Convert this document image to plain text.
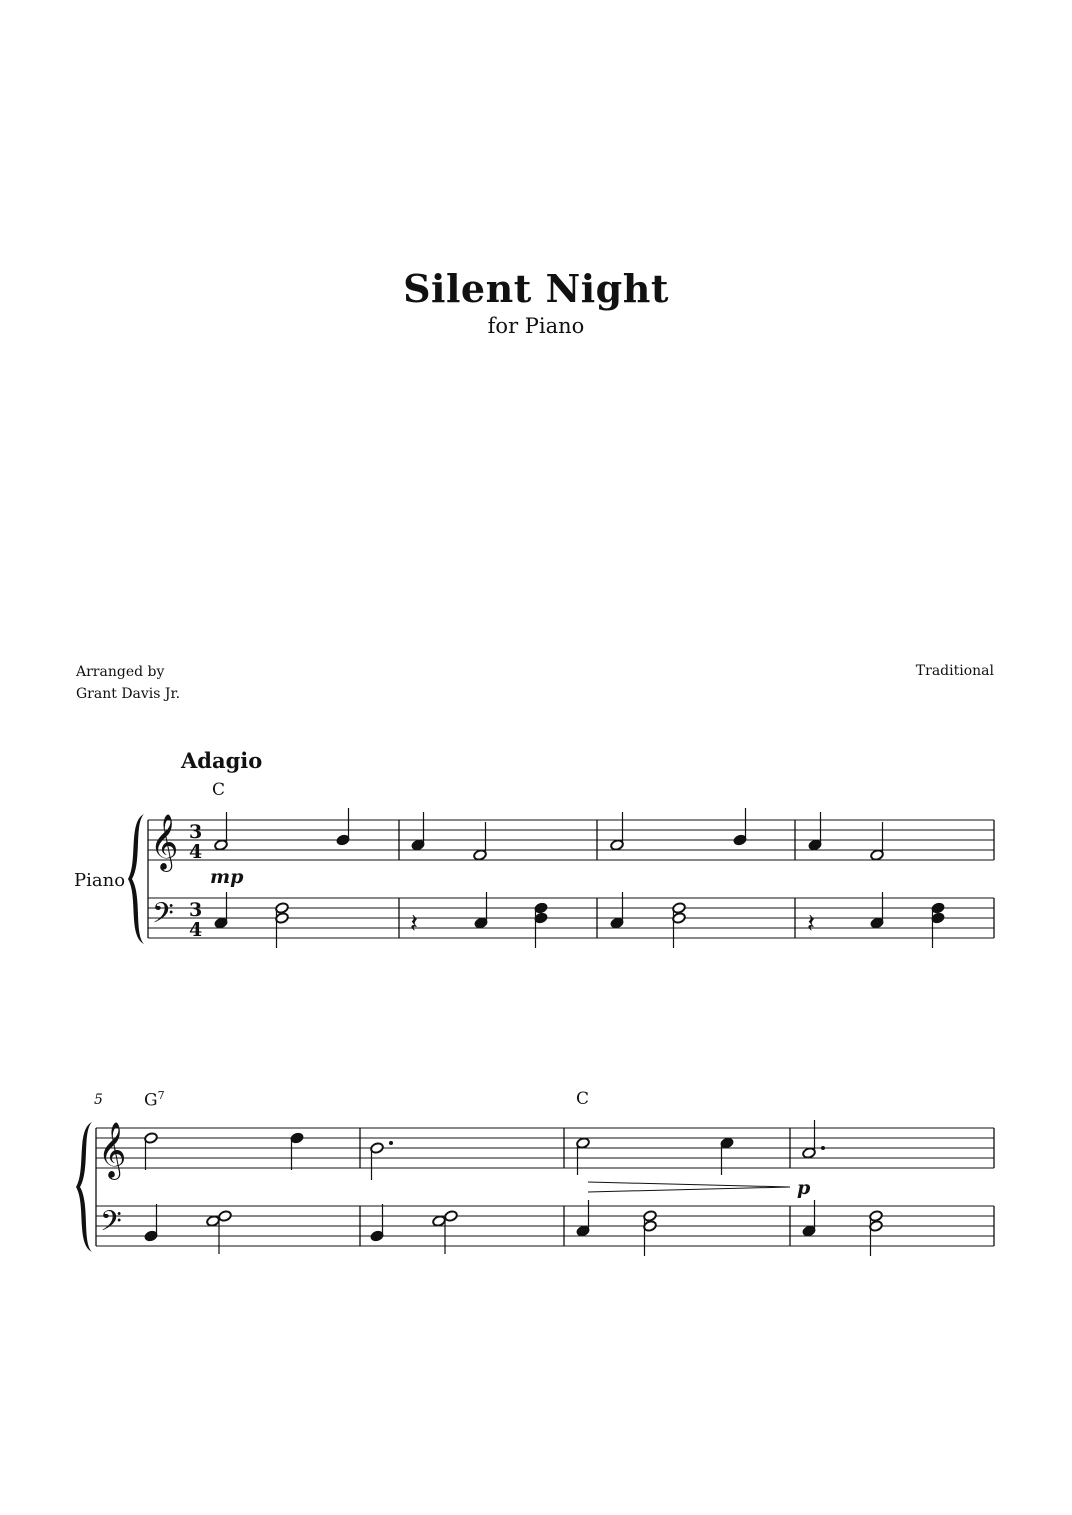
Silent Night
for Piano
Arranged by
Grant Davis Jr.
Traditional
Adagio
C
Piano
5 $G^7$	C
𝄞
𝄢
𝄞
𝄢
3
4
3
4
mp
p
𝄽	𝄽
